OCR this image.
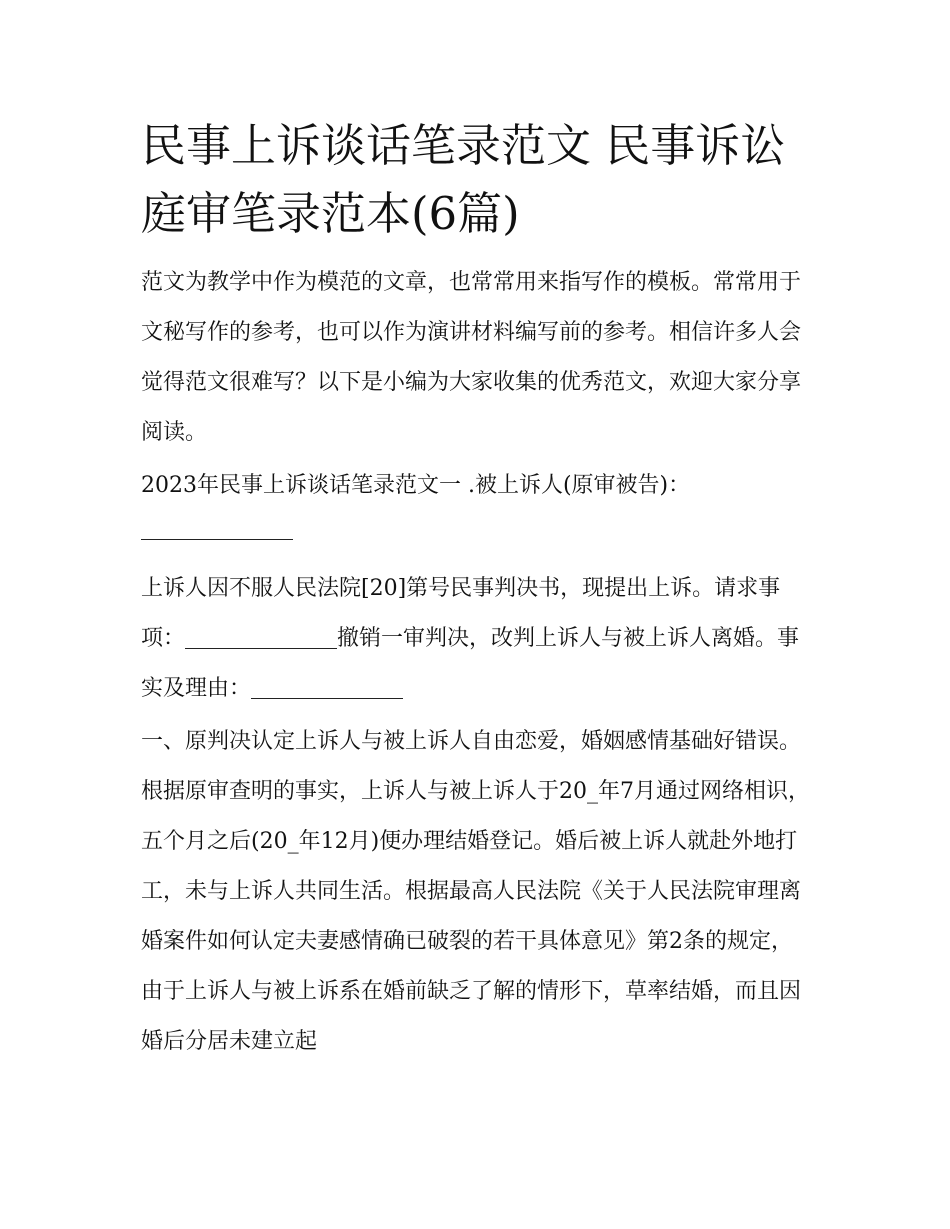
民事上诉谈话笔录范文 民事诉讼庭审笔录范本(6篇)

范文为教学中作为模范的文章，也常常用来指写作的模板。常常用于文秘写作的参考，也可以作为演讲材料编写前的参考。相信许多人会觉得范文很难写？以下是小编为大家收集的优秀范文，欢迎大家分享阅读。

2023年民事上诉谈话笔录范文一 .被上诉人(原审被告)：

上诉人因不服人民法院[20]第号民事判决书，现提出上诉。请求事项：	撤销一审判决，改判上诉人与被上诉人离婚。事实及理由：

一、原判决认定上诉人与被上诉人自由恋爱，婚姻感情基础好错误。根据原审查明的事实，上诉人与被上诉人于20_年7月通过网络相识，五个月之后(20_年12月)便办理结婚登记。婚后被上诉人就赴外地打工，未与上诉人共同生活。根据最高人民法院《关于人民法院审理离婚案件如何认定夫妻感情确已破裂的若干具体意见》第2条的规定，由于上诉人与被上诉系在婚前缺乏了解的情形下，草率结婚，而且因婚后分居未建立起
